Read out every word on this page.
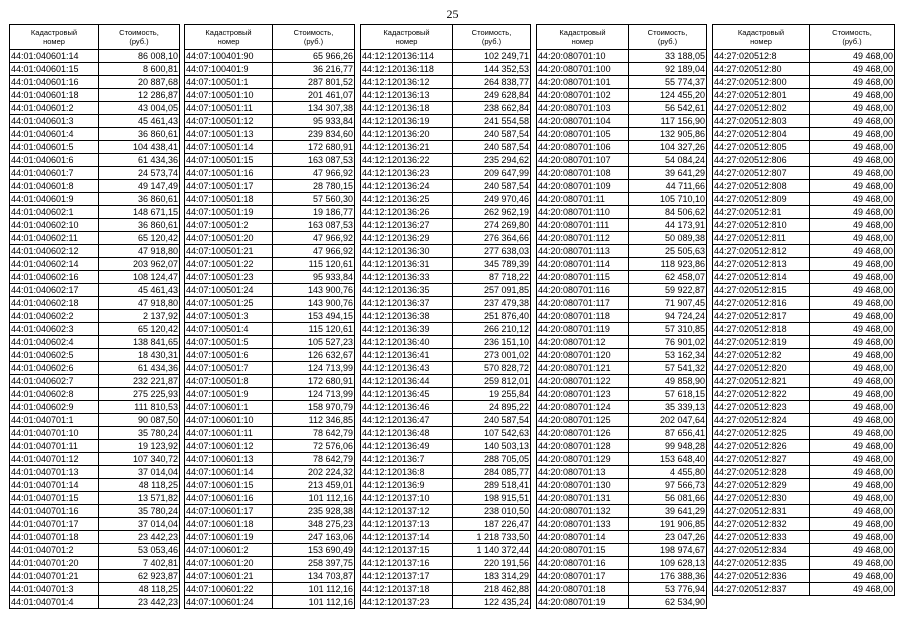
25
Кадастровый
номер	Стоимость,
(руб.)

44:01:040601:14	86 008,10
44:01:040601:15	8 600,81
44:01:040601:16	20 887,68
44:01:040601:18	12 286,87
44:01:040601:2	43 004,05
44:01:040601:3	45 461,43
44:01:040601:4	36 860,61
44:01:040601:5	104 438,41
44:01:040601:6	61 434,36
44:01:040601:7	24 573,74
44:01:040601:8	49 147,49
44:01:040601:9	36 860,61
44:01:040602:1	148 671,15
44:01:040602:10	36 860,61
44:01:040602:11	65 120,42
44:01:040602:12	47 918,80
44:01:040602:14	203 962,07
44:01:040602:16	108 124,47
44:01:040602:17	45 461,43
44:01:040602:18	47 918,80
44:01:040602:2	2 137,92
44:01:040602:3	65 120,42
44:01:040602:4	138 841,65
44:01:040602:5	18 430,31
44:01:040602:6	61 434,36
44:01:040602:7	232 221,87
44:01:040602:8	275 225,93
44:01:040602:9	111 810,53
44:01:040701:1	90 087,50
44:01:040701:10	35 780,24
44:01:040701:11	19 123,92
44:01:040701:12	107 340,72
44:01:040701:13	37 014,04
44:01:040701:14	48 118,25
44:01:040701:15	13 571,82
44:01:040701:16	35 780,24
44:01:040701:17	37 014,04
44:01:040701:18	23 442,23
44:01:040701:2	53 053,46
44:01:040701:20	7 402,81
44:01:040701:21	62 923,87
44:01:040701:3	48 118,25
44:01:040701:4	23 442,23
Кадастровый
номер	Стоимость,
(руб.)

44:07:100401:90	65 966,26
44:07:100401:9	36 216,77
44:07:100501:1	287 801,52
44:07:100501:10	201 461,07
44:07:100501:11	134 307,38
44:07:100501:12	95 933,84
44:07:100501:13	239 834,60
44:07:100501:14	172 680,91
44:07:100501:15	163 087,53
44:07:100501:16	47 966,92
44:07:100501:17	28 780,15
44:07:100501:18	57 560,30
44:07:100501:19	19 186,77
44:07:100501:2	163 087,53
44:07:100501:20	47 966,92
44:07:100501:21	47 966,92
44:07:100501:22	115 120,61
44:07:100501:23	95 933,84
44:07:100501:24	143 900,76
44:07:100501:25	143 900,76
44:07:100501:3	153 494,15
44:07:100501:4	115 120,61
44:07:100501:5	105 527,23
44:07:100501:6	126 632,67
44:07:100501:7	124 713,99
44:07:100501:8	172 680,91
44:07:100501:9	124 713,99
44:07:100601:1	158 970,79
44:07:100601:10	112 346,85
44:07:100601:11	78 642,79
44:07:100601:12	72 576,06
44:07:100601:13	78 642,79
44:07:100601:14	202 224,32
44:07:100601:15	213 459,01
44:07:100601:16	101 112,16
44:07:100601:17	235 928,38
44:07:100601:18	348 275,23
44:07:100601:19	247 163,06
44:07:100601:2	153 690,49
44:07:100601:20	258 397,75
44:07:100601:21	134 703,87
44:07:100601:22	101 112,16
44:07:100601:24	101 112,16
Кадастровый
номер	Стоимость,
(руб.)

44:12:120136:114	102 249,71
44:12:120136:118	144 352,53
44:12:120136:12	264 838,77
44:12:120136:13	249 628,84
44:12:120136:18	238 662,84
44:12:120136:19	241 554,58
44:12:120136:20	240 587,54
44:12:120136:21	240 587,54
44:12:120136:22	235 294,62
44:12:120136:23	209 647,99
44:12:120136:24	240 587,54
44:12:120136:25	249 970,46
44:12:120136:26	262 962,19
44:12:120136:27	274 269,80
44:12:120136:29	276 364,66
44:12:120136:30	277 638,03
44:12:120136:31	345 789,39
44:12:120136:33	87 718,22
44:12:120136:35	257 091,85
44:12:120136:37	237 479,38
44:12:120136:38	251 876,40
44:12:120136:39	266 210,12
44:12:120136:40	236 151,10
44:12:120136:41	273 001,02
44:12:120136:43	570 828,72
44:12:120136:44	259 812,01
44:12:120136:45	19 255,84
44:12:120136:46	24 895,22
44:12:120136:47	240 587,54
44:12:120136:48	107 542,63
44:12:120136:49	140 503,13
44:12:120136:7	288 705,05
44:12:120136:8	284 085,77
44:12:120136:9	289 518,41
44:12:120137:10	198 915,51
44:12:120137:12	238 010,50
44:12:120137:13	187 226,47
44:12:120137:14	1 218 733,50
44:12:120137:15	1 140 372,44
44:12:120137:16	220 191,56
44:12:120137:17	183 314,29
44:12:120137:18	218 462,88
44:12:120137:23	122 435,24
Кадастровый
номер	Стоимость,
(руб.)

44:20:080701:10	33 188,05
44:20:080701:100	92 189,04
44:20:080701:101	55 774,37
44:20:080701:102	124 455,20
44:20:080701:103	56 542,61
44:20:080701:104	117 156,90
44:20:080701:105	132 905,86
44:20:080701:106	104 327,26
44:20:080701:107	54 084,24
44:20:080701:108	39 641,29
44:20:080701:109	44 711,66
44:20:080701:11	105 710,10
44:20:080701:110	84 506,62
44:20:080701:111	44 173,91
44:20:080701:112	50 089,38
44:20:080701:113	25 505,63
44:20:080701:114	118 923,86
44:20:080701:115	62 458,07
44:20:080701:116	59 922,87
44:20:080701:117	71 907,45
44:20:080701:118	94 724,24
44:20:080701:119	57 310,85
44:20:080701:12	76 901,02
44:20:080701:120	53 162,34
44:20:080701:121	57 541,32
44:20:080701:122	49 858,90
44:20:080701:123	57 618,15
44:20:080701:124	35 339,13
44:20:080701:125	202 047,64
44:20:080701:126	87 656,41
44:20:080701:128	99 948,28
44:20:080701:129	153 648,40
44:20:080701:13	4 455,80
44:20:080701:130	97 566,73
44:20:080701:131	56 081,66
44:20:080701:132	39 641,29
44:20:080701:133	191 906,85
44:20:080701:14	23 047,26
44:20:080701:15	198 974,67
44:20:080701:16	109 628,13
44:20:080701:17	176 388,36
44:20:080701:18	53 776,94
44:20:080701:19	62 534,90
Кадастровый
номер	Стоимость,
(руб.)

44:27:020512:8	49 468,00
44:27:020512:80	49 468,00
44:27:020512:800	49 468,00
44:27:020512:801	49 468,00
44:27:020512:802	49 468,00
44:27:020512:803	49 468,00
44:27:020512:804	49 468,00
44:27:020512:805	49 468,00
44:27:020512:806	49 468,00
44:27:020512:807	49 468,00
44:27:020512:808	49 468,00
44:27:020512:809	49 468,00
44:27:020512:81	49 468,00
44:27:020512:810	49 468,00
44:27:020512:811	49 468,00
44:27:020512:812	49 468,00
44:27:020512:813	49 468,00
44:27:020512:814	49 468,00
44:27:020512:815	49 468,00
44:27:020512:816	49 468,00
44:27:020512:817	49 468,00
44:27:020512:818	49 468,00
44:27:020512:819	49 468,00
44:27:020512:82	49 468,00
44:27:020512:820	49 468,00
44:27:020512:821	49 468,00
44:27:020512:822	49 468,00
44:27:020512:823	49 468,00
44:27:020512:824	49 468,00
44:27:020512:825	49 468,00
44:27:020512:826	49 468,00
44:27:020512:827	49 468,00
44:27:020512:828	49 468,00
44:27:020512:829	49 468,00
44:27:020512:830	49 468,00
44:27:020512:831	49 468,00
44:27:020512:832	49 468,00
44:27:020512:833	49 468,00
44:27:020512:834	49 468,00
44:27:020512:835	49 468,00
44:27:020512:836	49 468,00
44:27:020512:837	49 468,00
